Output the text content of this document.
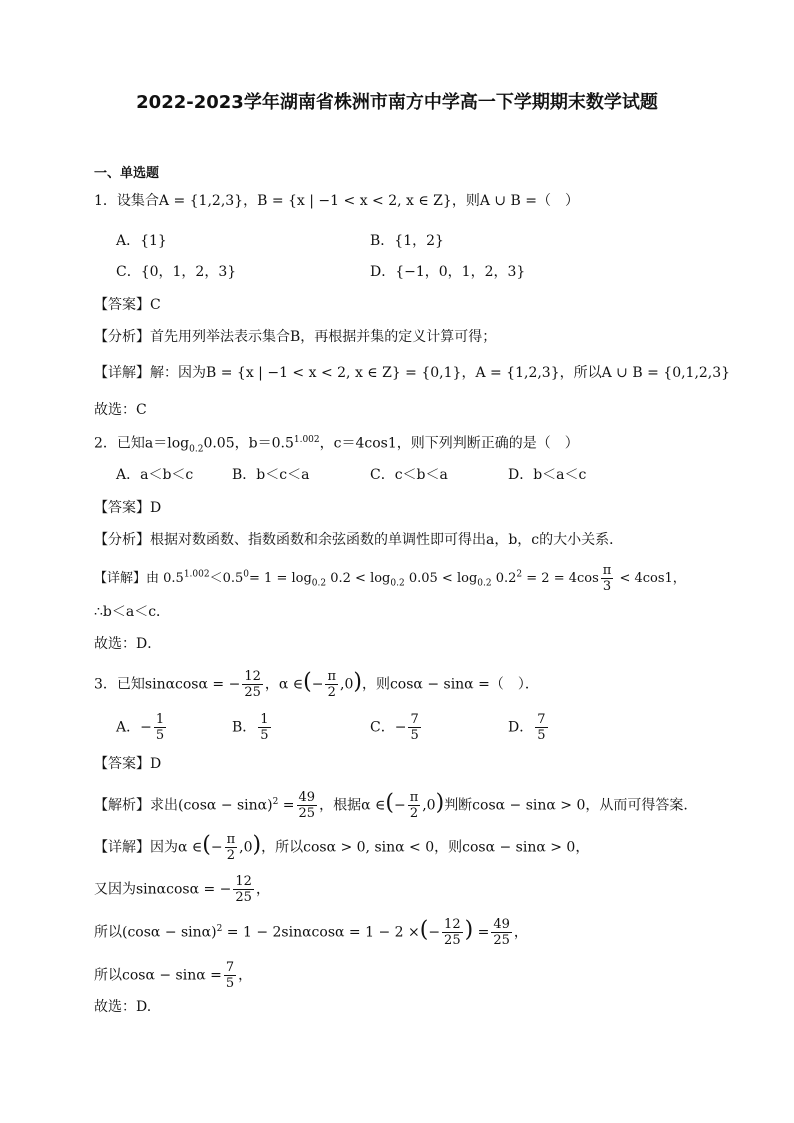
2022-2023学年湖南省株洲市南方中学高一下学期期末数学试题
一、单选题
1．设集合A = {1,2,3}，B = {x | −1 < x < 2, x ∈ Z}，则A ∪ B =（　）
A．{1}	B．{1，2}
C．{0，1，2，3}	D．{−1，0，1，2，3}
【答案】C
【分析】首先用列举法表示集合B，再根据并集的定义计算可得；
【详解】解：因为B = {x | −1 < x < 2, x ∈ Z} = {0,1}，A = {1,2,3}，所以A ∪ B = {0,1,2,3}
故选：C
2．已知$a=\log_{0.2}0.05$，$b=0.5^{1.002}$，c＝4cos1，则下列判断正确的是（　）
A．a＜b＜c	B．b＜c＜a	C．c＜b＜a	D．b＜a＜c
【答案】D
【分析】根据对数函数、指数函数和余弦函数的单调性即可得出a，b，c的大小关系．
【详解】由 $0.5^{1.002}<0.5^0= 1 = \log_{0.2} 0.2 < \log_{0.2} 0.05 < \log_{0.2} 0.2^2 = 2 = 4\cos \frac{\pi}{3} < 4\cos 1$，
∴b＜a＜c．
故选：D．
3．已知sinαcosα = − $\frac{12}{25}$ ，α ∈(− $\frac{\pi}{2} ,0$)，则cosα − sinα =（　）．
A．− $\frac{1}{5}$	B． $\frac{1}{5}$	C．− $\frac{7}{5}$	D． $\frac{7}{5}$
【答案】D
【解析】求出$(\cos\alpha - \sin\alpha)^2 = \frac{49}{25}$ ，根据α ∈(− $\frac{\pi}{2} ,0$)判断cosα − sinα > 0，从而可得答案.
【详解】因为α ∈(− $\frac{\pi}{2} ,0$)，所以cosα > 0, sinα < 0，则cosα − sinα > 0，
又因为sinαcosα = − $\frac{12}{25}$ ，
所以$(\cos\alpha - \sin\alpha)^2 = 1 - 2\sin\alpha\cos\alpha = 1 - 2$ ×(− $\frac{12}{25}$ ) = $\frac{49}{25}$ ，
所以$\cos\alpha - \sin\alpha = \frac{7}{5}$ ，
故选：D.
